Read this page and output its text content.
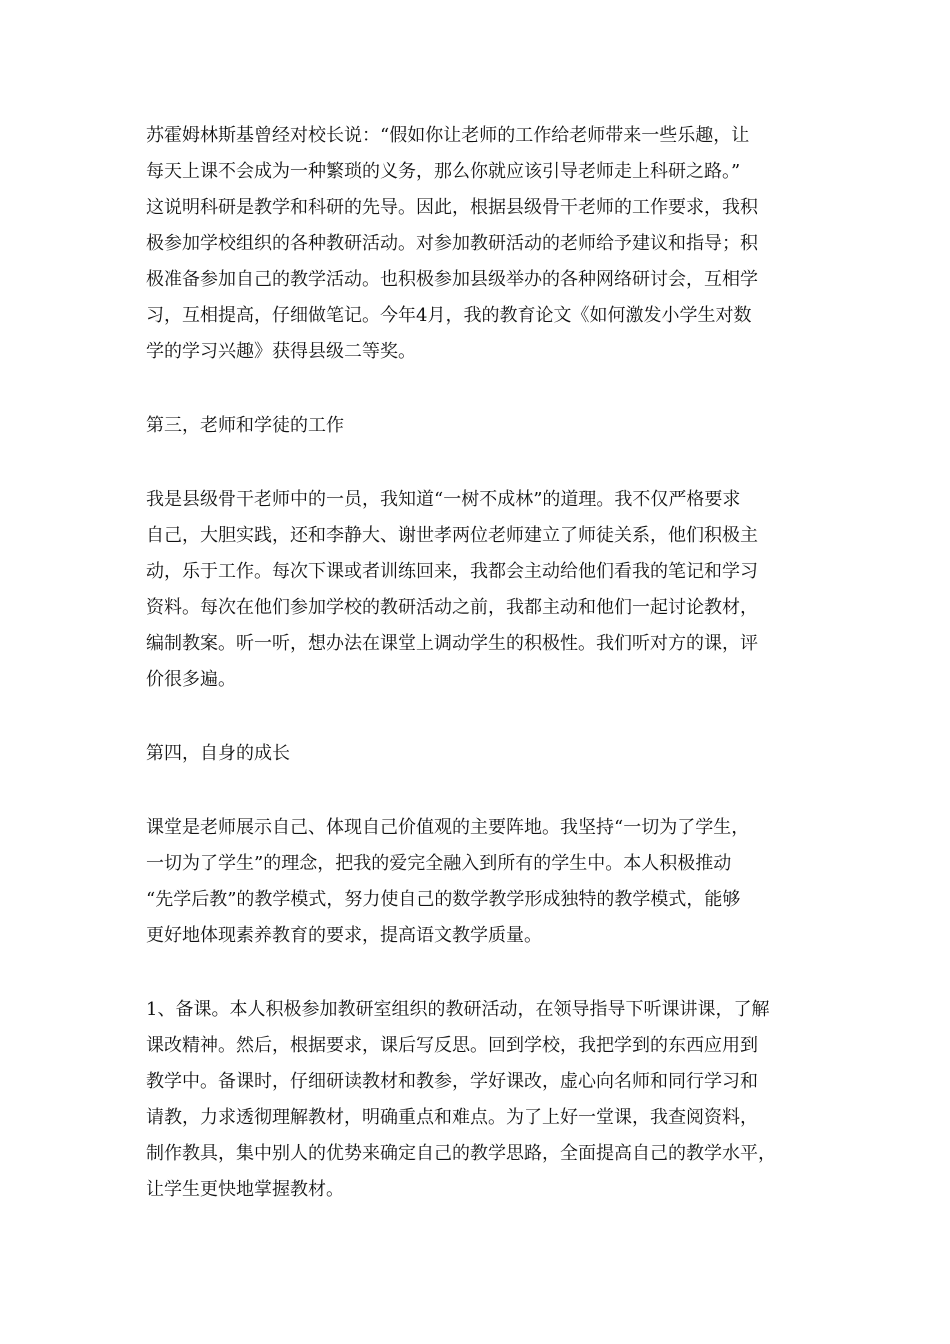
苏霍姆林斯基曾经对校长说：“假如你让老师的工作给老师带来一些乐趣，让
每天上课不会成为一种繁琐的义务，那么你就应该引导老师走上科研之路。”
这说明科研是教学和科研的先导。因此，根据县级骨干老师的工作要求，我积
极参加学校组织的各种教研活动。对参加教研活动的老师给予建议和指导；积
极准备参加自己的教学活动。也积极参加县级举办的各种网络研讨会，互相学
习，互相提高，仔细做笔记。今年4月，我的教育论文《如何激发小学生对数
学的学习兴趣》获得县级二等奖。
第三，老师和学徒的工作
我是县级骨干老师中的一员，我知道“一树不成林”的道理。我不仅严格要求
自己，大胆实践，还和李静大、谢世孝两位老师建立了师徒关系，他们积极主
动，乐于工作。每次下课或者训练回来，我都会主动给他们看我的笔记和学习
资料。每次在他们参加学校的教研活动之前，我都主动和他们一起讨论教材，
编制教案。听一听，想办法在课堂上调动学生的积极性。我们听对方的课，评
价很多遍。
第四，自身的成长
课堂是老师展示自己、体现自己价值观的主要阵地。我坚持“一切为了学生，
一切为了学生”的理念，把我的爱完全融入到所有的学生中。本人积极推动
“先学后教”的教学模式，努力使自己的数学教学形成独特的教学模式，能够
更好地体现素养教育的要求，提高语文教学质量。
1、备课。本人积极参加教研室组织的教研活动，在领导指导下听课讲课，了解
课改精神。然后，根据要求，课后写反思。回到学校，我把学到的东西应用到
教学中。备课时，仔细研读教材和教参，学好课改，虚心向名师和同行学习和
请教，力求透彻理解教材，明确重点和难点。为了上好一堂课，我查阅资料，
制作教具，集中别人的优势来确定自己的教学思路，全面提高自己的教学水平，
让学生更快地掌握教材。
